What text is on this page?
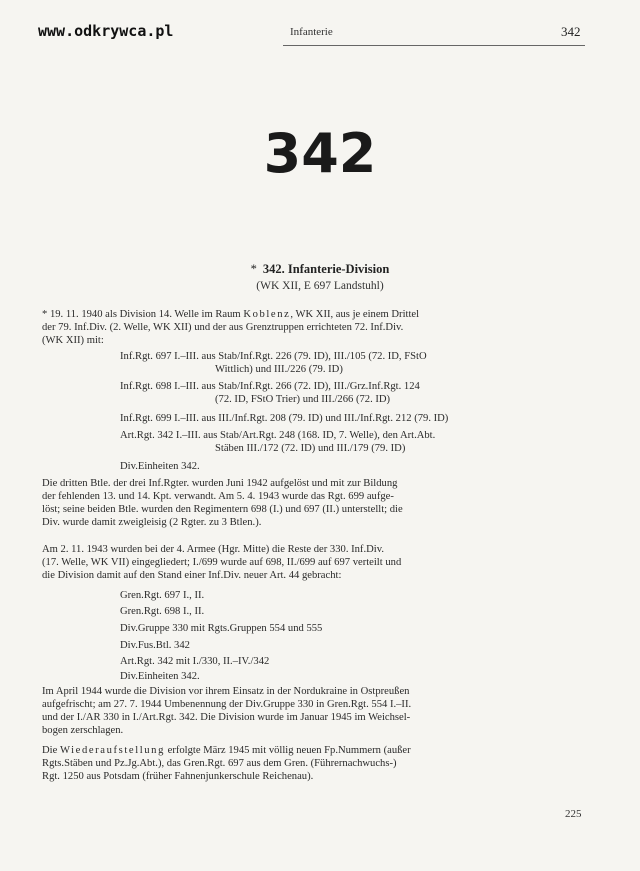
www.odkrywca.pl	Infanterie	342
342
* 342. Infanterie-Division
(WK XII, E 697 Landstuhl)
* 19. 11. 1940 als Division 14. Welle im Raum Koblenz, WK XII, aus je einem Drittel
der 79. Inf.Div. (2. Welle, WK XII) und der aus Grenztruppen errichteten 72. Inf.Div.
(WK XII) mit:
Inf.Rgt. 697 I.–III. aus Stab/Inf.Rgt. 226 (79. ID), III./105 (72. ID, FStO
Wittlich) und III./226 (79. ID)
Inf.Rgt. 698 I.–III. aus Stab/Inf.Rgt. 266 (72. ID), III./Grz.Inf.Rgt. 124
(72. ID, FStO Trier) und III./266 (72. ID)
Inf.Rgt. 699 I.–III. aus III./Inf.Rgt. 208 (79. ID) und III./Inf.Rgt. 212 (79. ID)
Art.Rgt. 342 I.–III. aus Stab/Art.Rgt. 248 (168. ID, 7. Welle), den Art.Abt.
Stäben III./172 (72. ID) und III./179 (79. ID)
Div.Einheiten 342.
Die dritten Btle. der drei Inf.Rgter. wurden Juni 1942 aufgelöst und mit zur Bildung
der fehlenden 13. und 14. Kpt. verwandt. Am 5. 4. 1943 wurde das Rgt. 699 aufge-
löst; seine beiden Btle. wurden den Regimentern 698 (I.) und 697 (II.) unterstellt; die
Div. wurde damit zweigleisig (2 Rgter. zu 3 Btlen.).
Am 2. 11. 1943 wurden bei der 4. Armee (Hgr. Mitte) die Reste der 330. Inf.Div.
(17. Welle, WK VII) eingegliedert; I./699 wurde auf 698, II./699 auf 697 verteilt und
die Division damit auf den Stand einer Inf.Div. neuer Art. 44 gebracht:
Gren.Rgt. 697 I., II.
Gren.Rgt. 698 I., II.
Div.Gruppe 330 mit Rgts.Gruppen 554 und 555
Div.Fus.Btl. 342
Art.Rgt. 342 mit I./330, II.–IV./342
Div.Einheiten 342.
Im April 1944 wurde die Division vor ihrem Einsatz in der Nordukraine in Ostpreußen
aufgefrischt; am 27. 7. 1944 Umbenennung der Div.Gruppe 330 in Gren.Rgt. 554 I.–II.
und der I./AR 330 in I./Art.Rgt. 342. Die Division wurde im Januar 1945 im Weichsel-
bogen zerschlagen.
Die Wiederaufstellung erfolgte März 1945 mit völlig neuen Fp.Nummern (außer
Rgts.Stäben und Pz.Jg.Abt.), das Gren.Rgt. 697 aus dem Gren. (Führernachwuchs-)
Rgt. 1250 aus Potsdam (früher Fahnenjunkerschule Reichenau).
225
